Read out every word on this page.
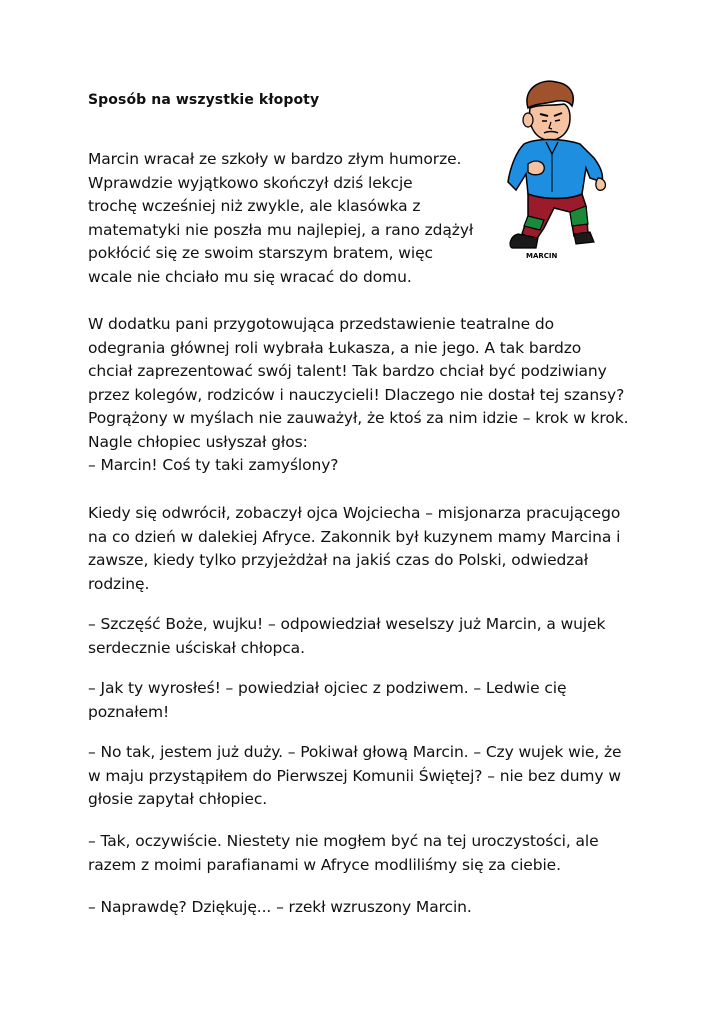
Sposób na wszystkie kłopoty
MARCIN
Marcin wracał ze szkoły w bardzo złym humorze.
Wprawdzie wyjątkowo skończył dziś lekcje
trochę wcześniej niż zwykle, ale klasówka z
matematyki nie poszła mu najlepiej, a rano zdążył
pokłócić się ze swoim starszym bratem, więc
wcale nie chciało mu się wracać do domu.
W dodatku pani przygotowująca przedstawienie teatralne do
odegrania głównej roli wybrała Łukasza, a nie jego. A tak bardzo
chciał zaprezentować swój talent! Tak bardzo chciał być podziwiany
przez kolegów, rodziców i nauczycieli! Dlaczego nie dostał tej szansy?
Pogrążony w myślach nie zauważył, że ktoś za nim idzie – krok w krok.
Nagle chłopiec usłyszał głos:
– Marcin! Coś ty taki zamyślony?
Kiedy się odwrócił, zobaczył ojca Wojciecha – misjonarza pracującego
na co dzień w dalekiej Afryce. Zakonnik był kuzynem mamy Marcina i
zawsze, kiedy tylko przyjeżdżał na jakiś czas do Polski, odwiedzał
rodzinę.
– Szczęść Boże, wujku! – odpowiedział weselszy już Marcin, a wujek
serdecznie uściskał chłopca.
– Jak ty wyrosłeś! – powiedział ojciec z podziwem. – Ledwie cię
poznałem!
– No tak, jestem już duży. – Pokiwał głową Marcin. – Czy wujek wie, że
w maju przystąpiłem do Pierwszej Komunii Świętej? – nie bez dumy w
głosie zapytał chłopiec.
– Tak, oczywiście. Niestety nie mogłem być na tej uroczystości, ale
razem z moimi parafianami w Afryce modliliśmy się za ciebie.
– Naprawdę? Dziękuję... – rzekł wzruszony Marcin.
